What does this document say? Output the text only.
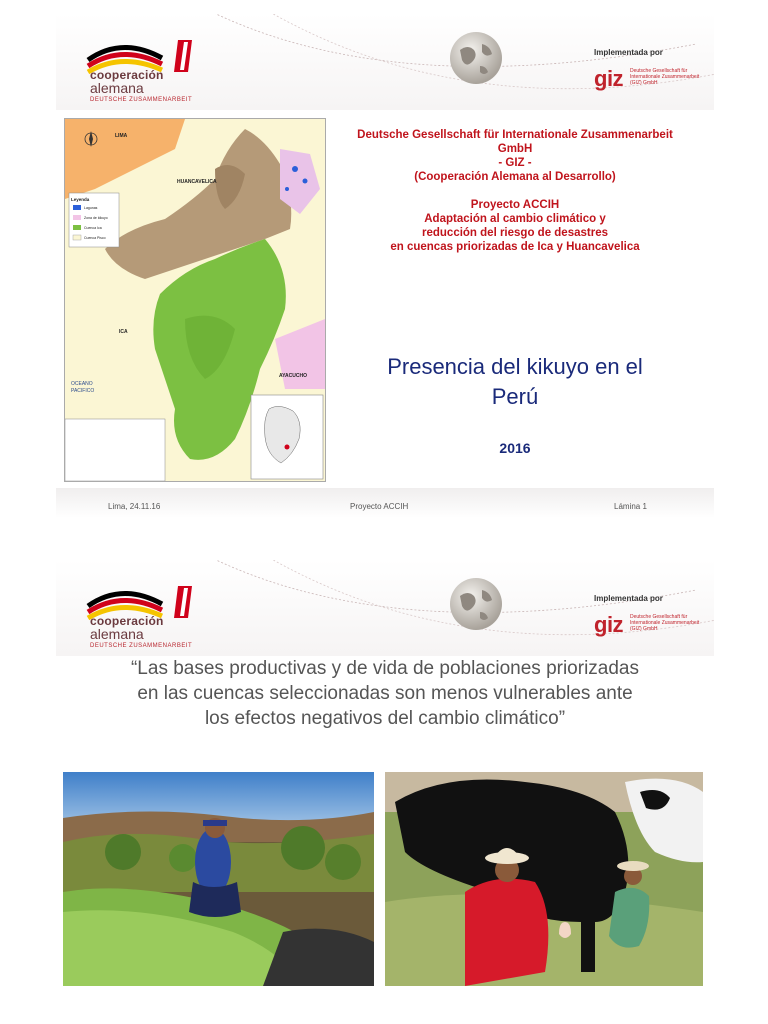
cooperación
alemana
DEUTSCHE ZUSAMMENARBEIT
Implementada por
giz Deutsche Gesellschaft für Internationale Zusammenarbeit (GIZ) GmbH
LIMA
HUANCAVELICA
ICA
AYACUCHO
OCEANO
PACIFICO
Leyenda
Lagunas
Zona de kikuyo
Cuenca Ica
Cuenca Pisco
Deutsche Gesellschaft für Internationale Zusammenarbeit
GmbH
- GIZ -
(Cooperación Alemana al Desarrollo)
Proyecto ACCIH
Adaptación al cambio climático y
reducción del riesgo de desastres
en cuencas priorizadas de Ica y Huancavelica
Presencia del kikuyo en el
Perú
2016
Lima, 24.11.16	Proyecto ACCIH	Lámina 1
cooperación
alemana
DEUTSCHE ZUSAMMENARBEIT
Implementada por
giz Deutsche Gesellschaft für Internationale Zusammenarbeit (GIZ) GmbH
“Las bases productivas y de vida de poblaciones priorizadas
en las cuencas seleccionadas son menos vulnerables ante
los efectos negativos del cambio climático”
